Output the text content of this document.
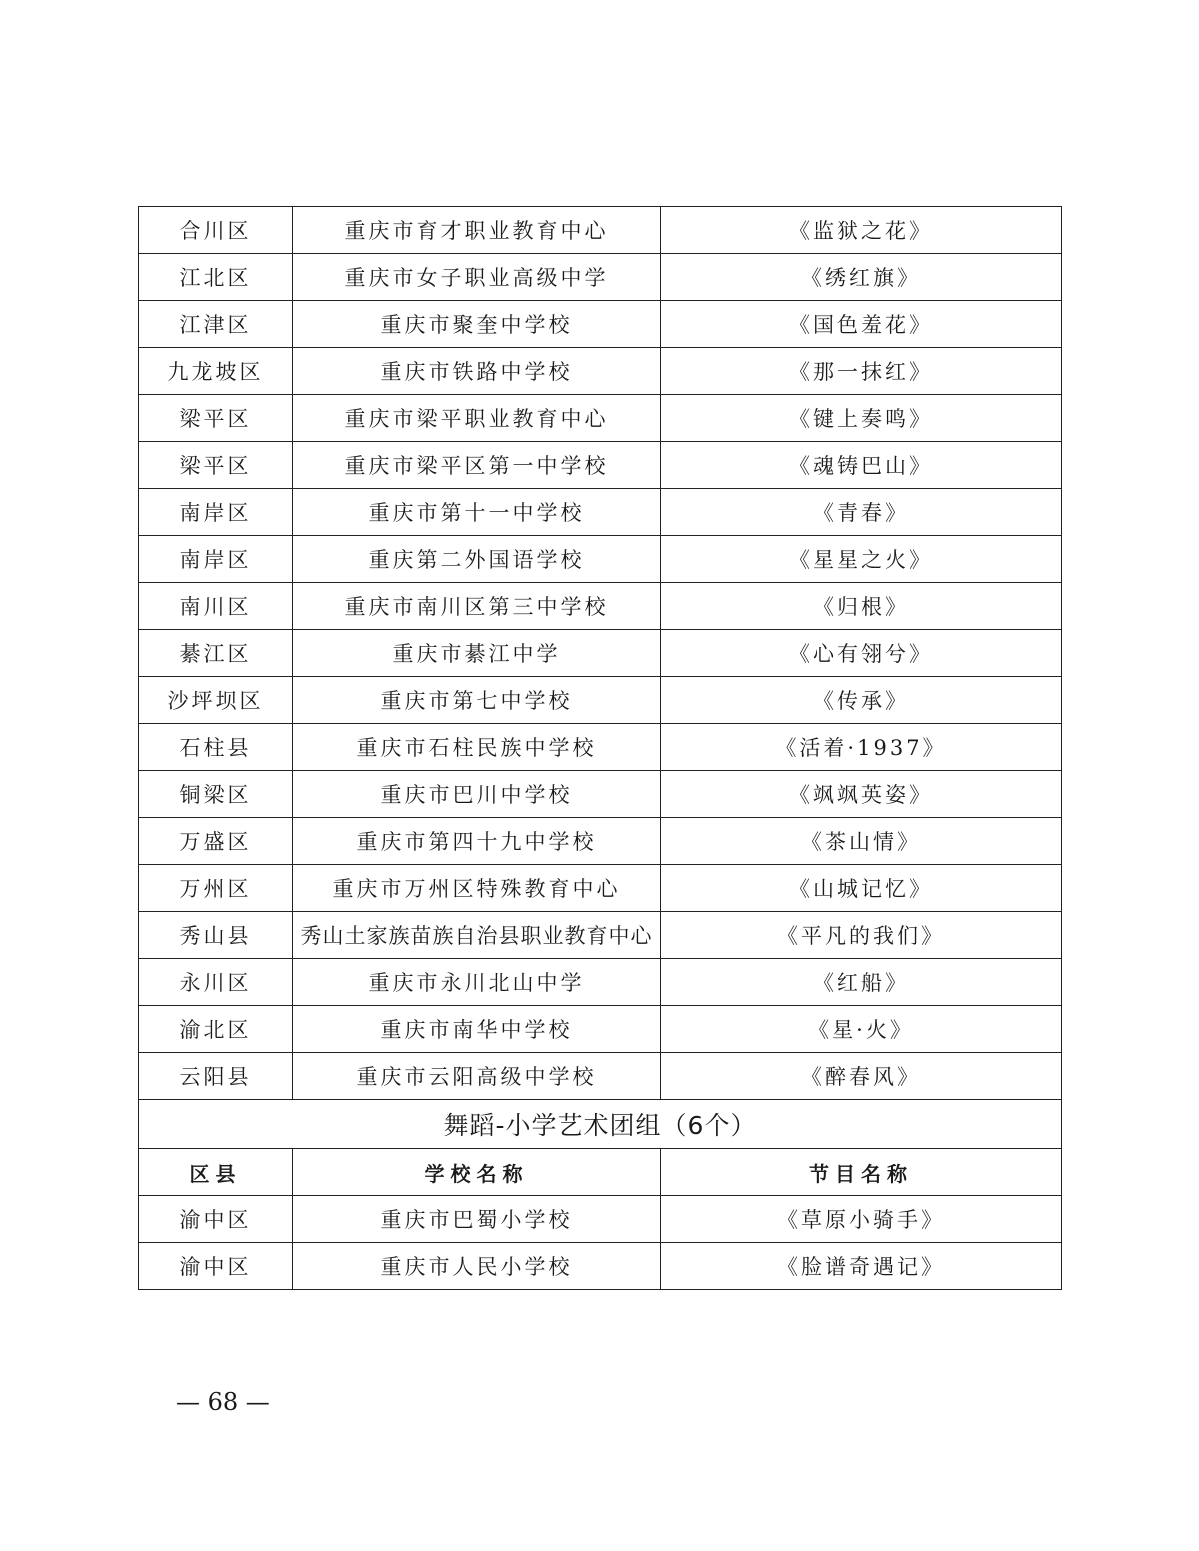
合川区	重庆市育才职业教育中心	《监狱之花》
江北区	重庆市女子职业高级中学	《绣红旗》
江津区	重庆市聚奎中学校	《国色羞花》
九龙坡区	重庆市铁路中学校	《那一抹红》
梁平区	重庆市梁平职业教育中心	《键上奏鸣》
梁平区	重庆市梁平区第一中学校	《魂铸巴山》
南岸区	重庆市第十一中学校	《青春》
南岸区	重庆第二外国语学校	《星星之火》
南川区	重庆市南川区第三中学校	《归根》
綦江区	重庆市綦江中学	《心有翎兮》
沙坪坝区	重庆市第七中学校	《传承》
石柱县	重庆市石柱民族中学校	《活着·1937》
铜梁区	重庆市巴川中学校	《飒飒英姿》
万盛区	重庆市第四十九中学校	《茶山情》
万州区	重庆市万州区特殊教育中心	《山城记忆》
秀山县	秀山土家族苗族自治县职业教育中心	《平凡的我们》
永川区	重庆市永川北山中学	《红船》
渝北区	重庆市南华中学校	《星·火》
云阳县	重庆市云阳高级中学校	《醉春风》
舞蹈-小学艺术团组（6个）		
区县	学校名称	节目名称
渝中区	重庆市巴蜀小学校	《草原小骑手》
渝中区	重庆市人民小学校	《脸谱奇遇记》
— 68 —
